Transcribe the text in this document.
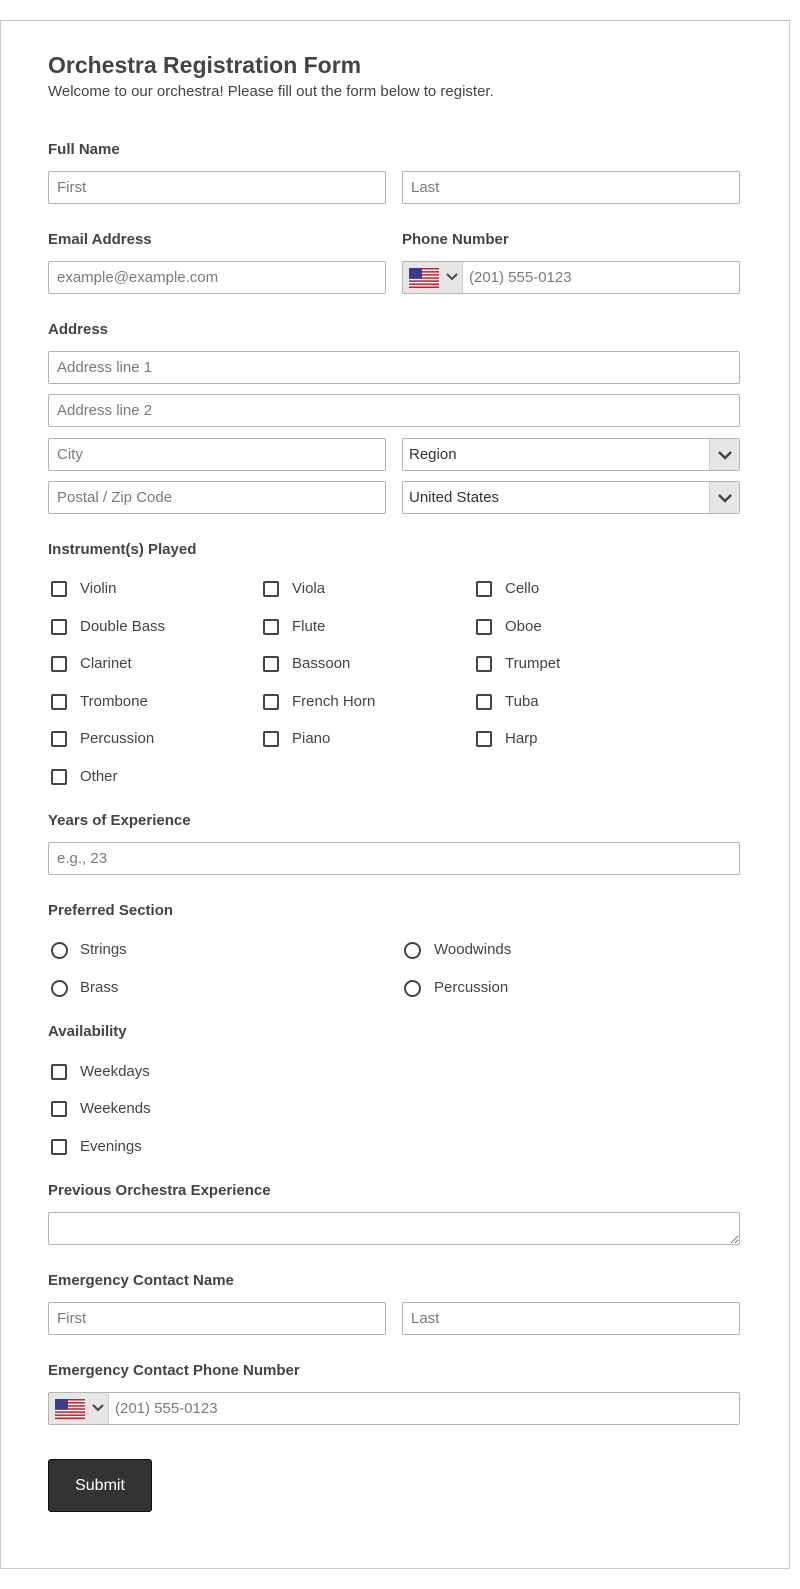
Orchestra Registration Form
Welcome to our orchestra! Please fill out the form below to register.
Full Name
First
Last
Email Address
example@example.com	Phone Number
(201) 555-0123
Address
Address line 1
Address line 2
City
Region
Postal / Zip Code
United States
Instrument(s) Played
Violin	Viola	Cello
Double Bass	Flute	Oboe
Clarinet	Bassoon	Trumpet
Trombone	French Horn	Tuba
Percussion	Piano	Harp
Other
Years of Experience
e.g., 23
Preferred Section
Strings	Woodwinds
Brass	Percussion
Availability
Weekdays
Weekends
Evenings
Previous Orchestra Experience
Emergency Contact Name
First
Last
Emergency Contact Phone Number
(201) 555-0123
Submit
